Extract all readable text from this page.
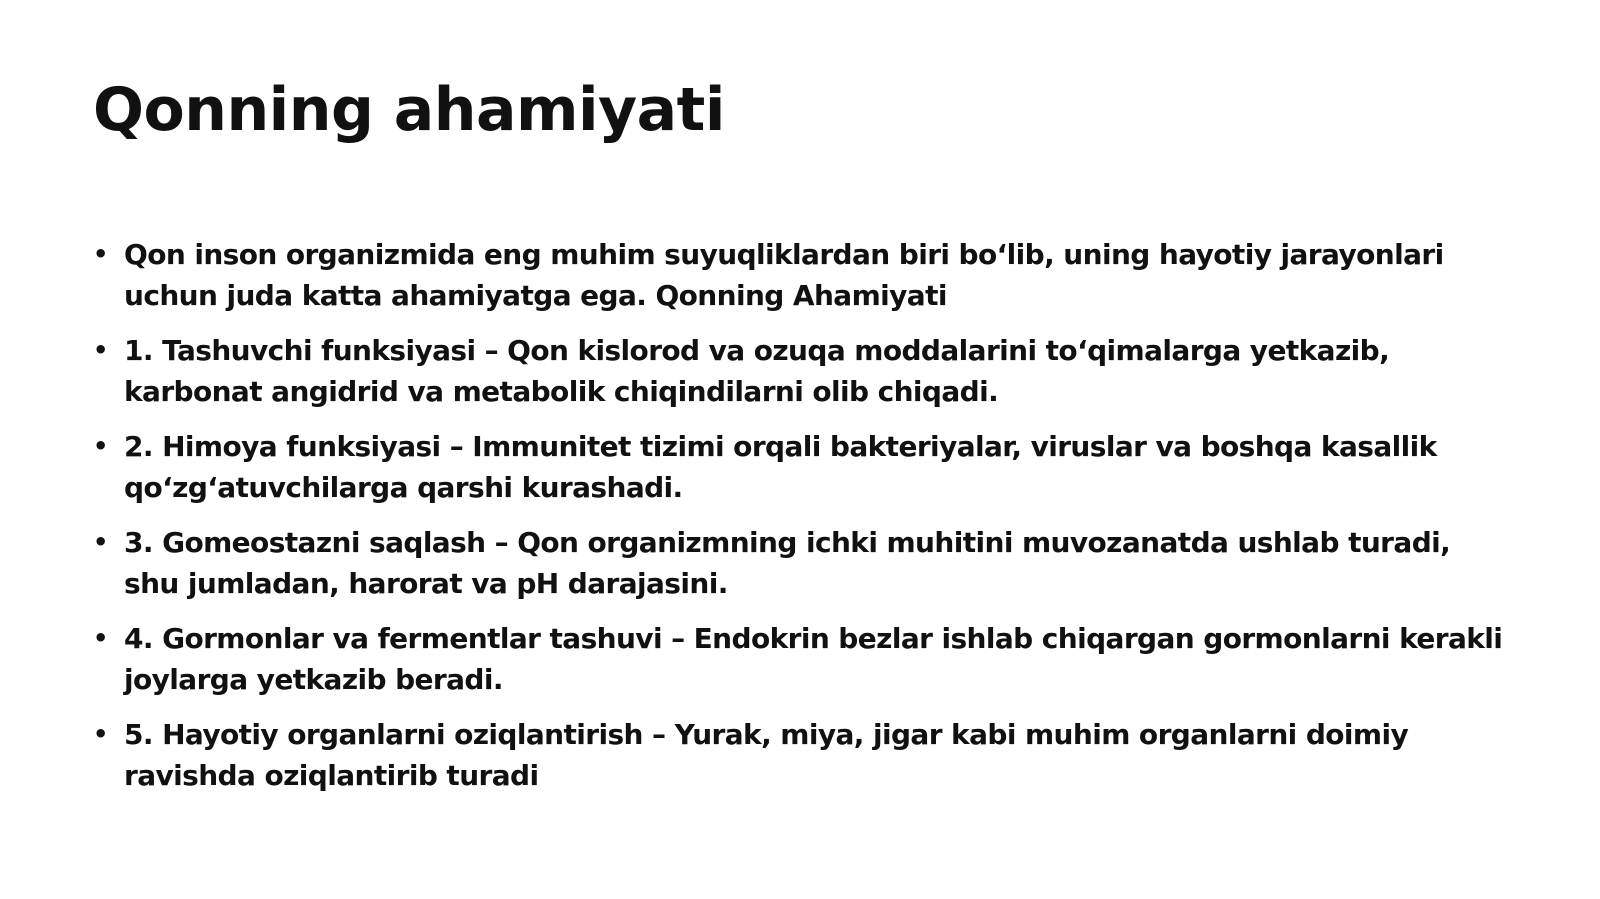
Qonning ahamiyati
• Qon inson organizmida eng muhim suyuqliklardan biri bo‘lib, uning hayotiy jarayonlari uchun juda katta ahamiyatga ega. Qonning Ahamiyati
• 1. Tashuvchi funksiyasi – Qon kislorod va ozuqa moddalarini to‘qimalarga yetkazib, karbonat angidrid va metabolik chiqindilarni olib chiqadi.
• 2. Himoya funksiyasi – Immunitet tizimi orqali bakteriyalar, viruslar va boshqa kasallik qo‘zg‘atuvchilarga qarshi kurashadi.
• 3. Gomeostazni saqlash – Qon organizmning ichki muhitini muvozanatda ushlab turadi, shu jumladan, harorat va pH darajasini.
• 4. Gormonlar va fermentlar tashuvi – Endokrin bezlar ishlab chiqargan gormonlarni kerakli joylarga yetkazib beradi.
• 5. Hayotiy organlarni oziqlantirish – Yurak, miya, jigar kabi muhim organlarni doimiy ravishda oziqlantirib turadi
